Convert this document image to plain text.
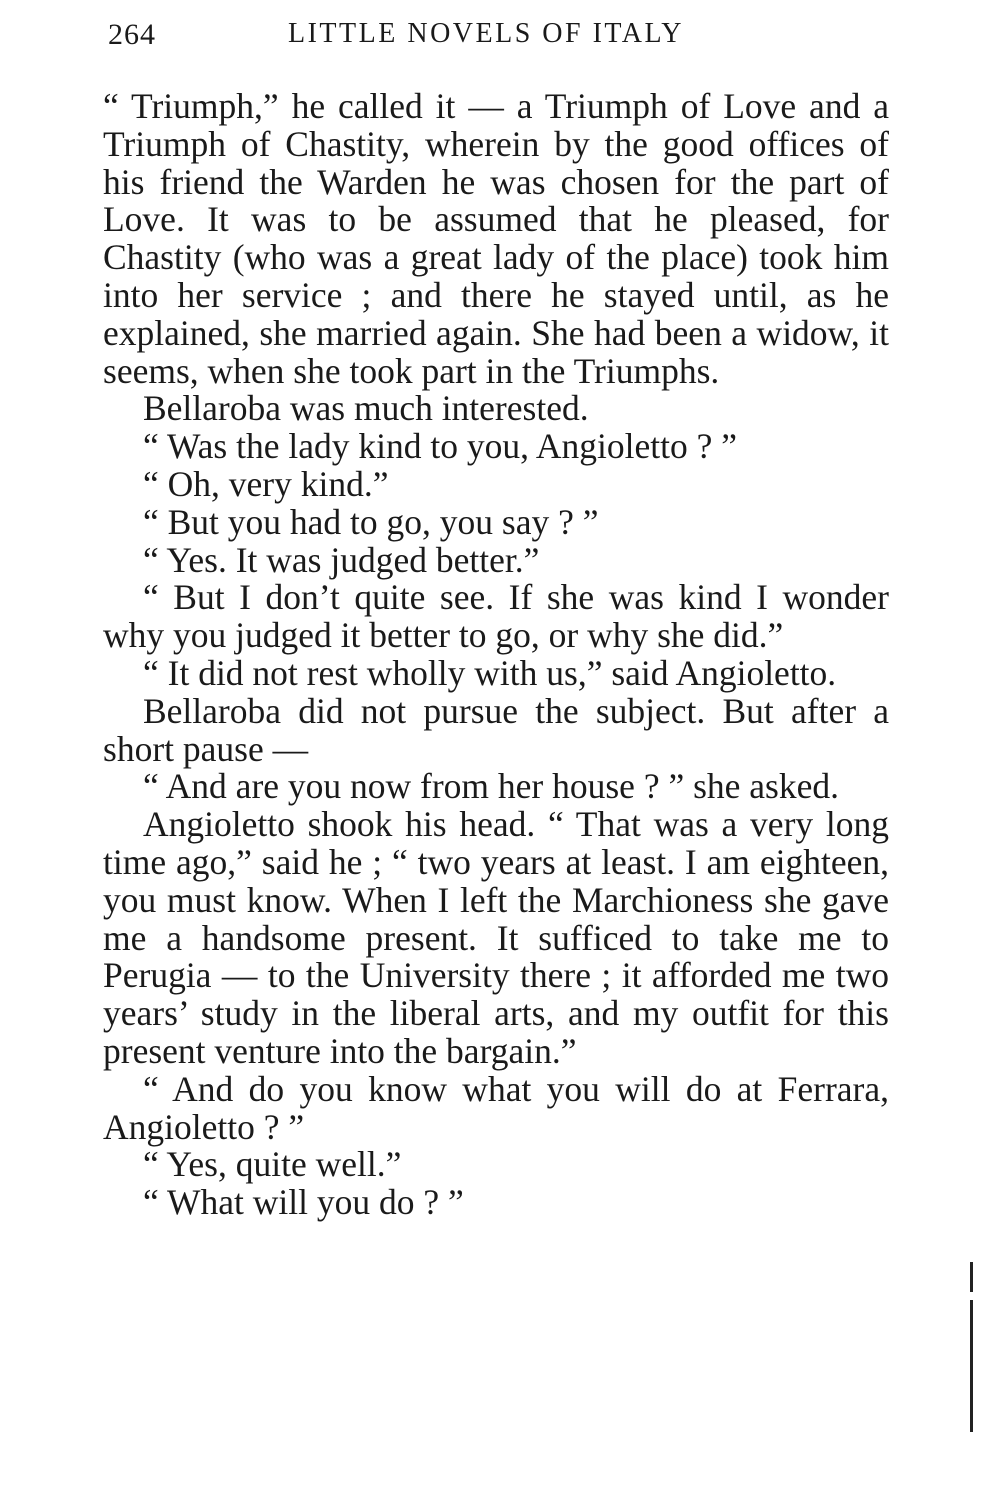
264	LITTLE NOVELS OF ITALY

“ Triumph,” he called it — a Triumph of Love and a Triumph of Chastity, wherein by the good offices of his friend the Warden he was chosen for the part of Love. It was to be assumed that he pleased, for Chastity (who was a great lady of the place) took him into her service ; and there he stayed until, as he explained, she married again. She had been a widow, it seems, when she took part in the Triumphs.

Bellaroba was much interested.

“ Was the lady kind to you, Angioletto ? ”

“ Oh, very kind.”

“ But you had to go, you say ? ”

“ Yes. It was judged better.”

“ But I don’t quite see. If she was kind I wonder why you judged it better to go, or why she did.”

“ It did not rest wholly with us,” said Angioletto.

Bellaroba did not pursue the subject. But after a short pause —

“ And are you now from her house ? ” she asked.

Angioletto shook his head. “ That was a very long time ago,” said he ; “ two years at least. I am eighteen, you must know. When I left the Marchioness she gave me a handsome present. It sufficed to take me to Perugia — to the University there ; it afforded me two years’ study in the liberal arts, and my outfit for this present venture into the bargain.”

“ And do you know what you will do at Ferrara, Angioletto ? ”

“ Yes, quite well.”

“ What will you do ? ”
